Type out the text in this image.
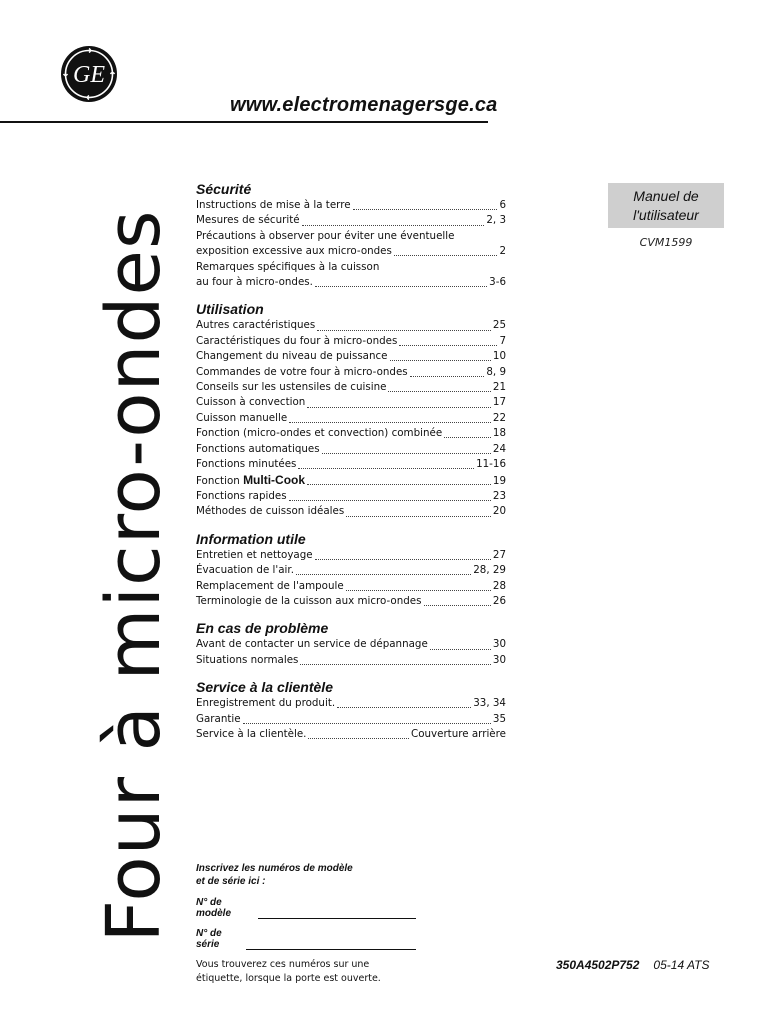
GE
www.electromenagersge.ca
Four à micro-ondes
Sécurité
Instructions de mise à la terre	6
Mesures de sécurité	2, 3
Précautions à observer pour éviter une éventuelle
exposition excessive aux micro-ondes	2
Remarques spécifiques à la cuisson
au four à micro-ondes.	3-6
Utilisation
Autres caractéristiques	25
Caractéristiques du four à micro-ondes	7
Changement du niveau de puissance	10
Commandes de votre four à micro-ondes	8, 9
Conseils sur les ustensiles de cuisine	21
Cuisson à convection	17
Cuisson manuelle	22
Fonction (micro-ondes et convection) combinée	18
Fonctions automatiques	24
Fonctions minutées	11-16
Fonction Multi-Cook	19
Fonctions rapides	23
Méthodes de cuisson idéales	20
Information utile
Entretien et nettoyage	27
Évacuation de l'air.	28, 29
Remplacement de l'ampoule	28
Terminologie de la cuisson aux micro-ondes	26
En cas de problème
Avant de contacter un service de dépannage	30
Situations normales	30
Service à la clientèle
Enregistrement du produit.	33, 34
Garantie	35
Service à la clientèle.	Couverture arrière
Manuel de
l'utilisateur
CVM1599
Inscrivez les numéros de modèle
et de série ici :
N° de modèle
N° de série
Vous trouverez ces numéros sur une
étiquette, lorsque la porte est ouverte.
350A4502P752 05-14 ATS
